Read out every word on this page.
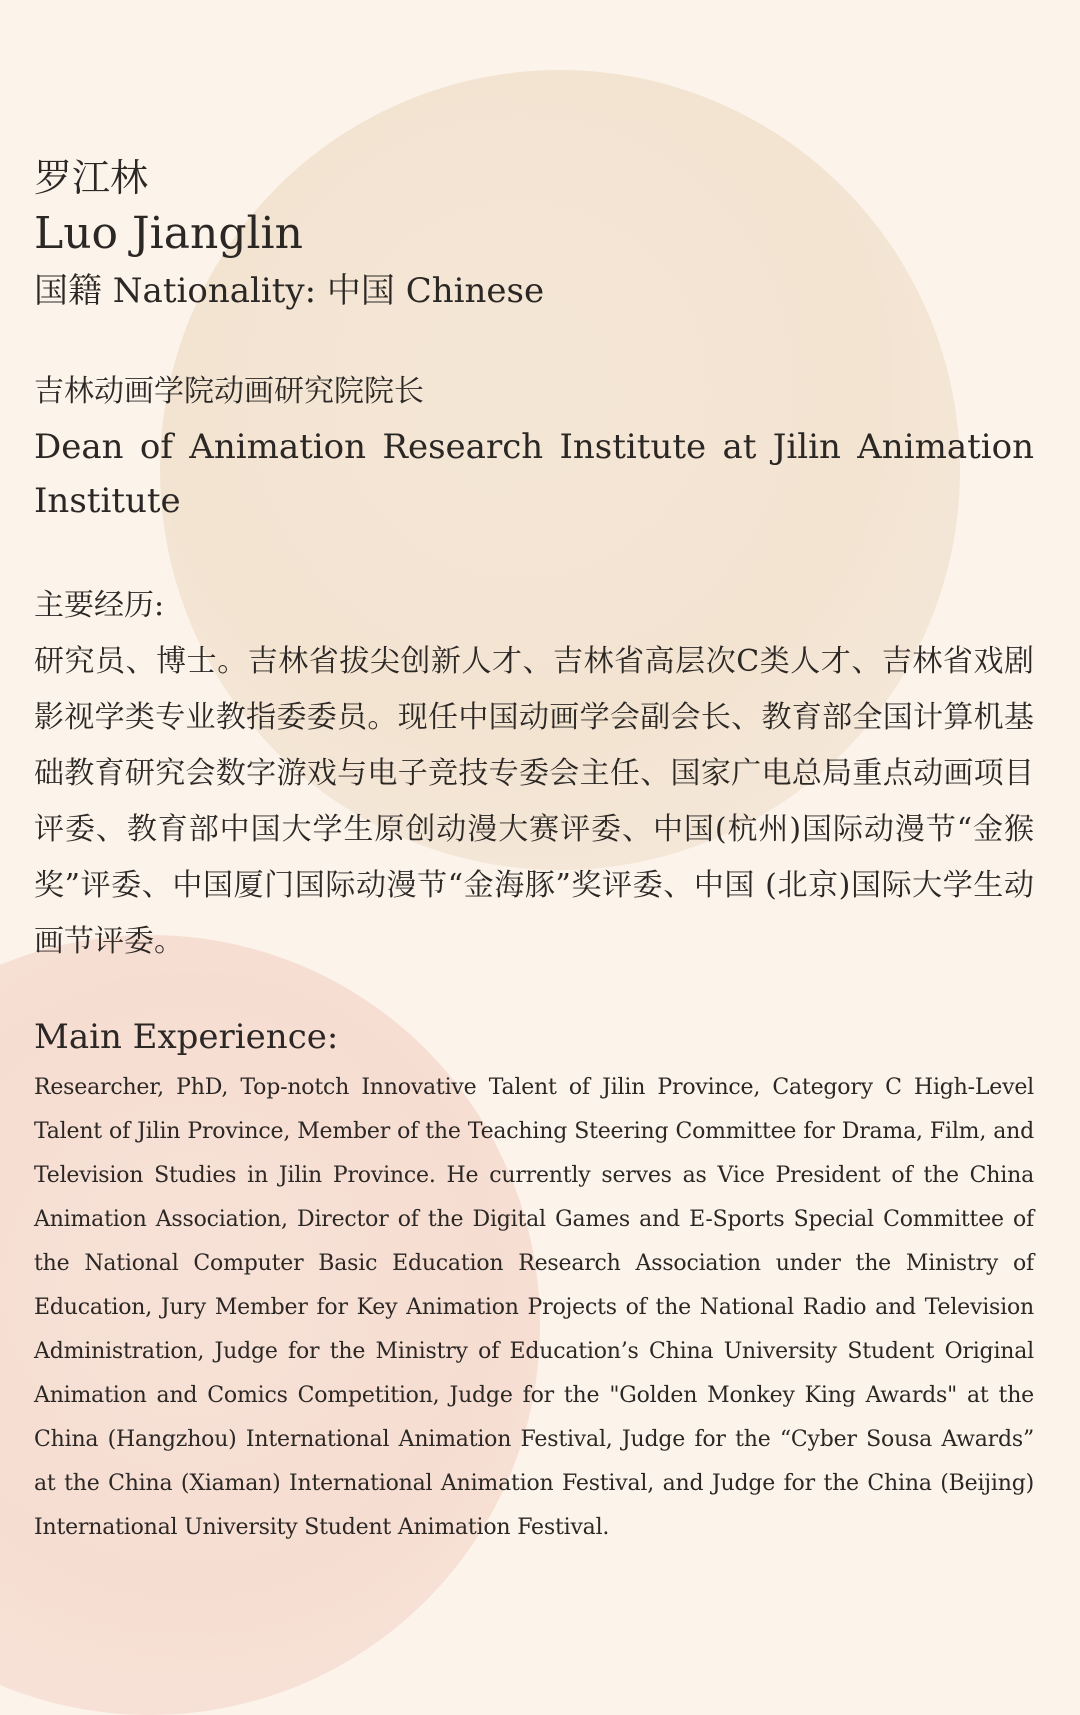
罗江林
Luo Jianglin

国籍 Nationality: 中国 Chinese

吉林动画学院动画研究院院长

Dean of Animation Research Institute at Jilin Animation Institute

主要经历:

研究员、博士。吉林省拔尖创新人才、吉林省高层次C类人才、吉林省戏剧影视学类专业教指委委员。现任中国动画学会副会长、教育部全国计算机基础教育研究会数字游戏与电子竞技专委会主任、国家广电总局重点动画项目评委、教育部中国大学生原创动漫大赛评委、中国(杭州)国际动漫节“金猴奖”评委、中国厦门国际动漫节“金海豚”奖评委、中国 (北京)国际大学生动画节评委。

Main Experience:

Researcher, PhD, Top-notch Innovative Talent of Jilin Province, Category C High-Level Talent of Jilin Province, Member of the Teaching Steering Committee for Drama, Film, and Television Studies in Jilin Province. He currently serves as Vice President of the China Animation Association, Director of the Digital Games and E-Sports Special Committee of the National Computer Basic Education Research Association under the Ministry of Education, Jury Member for Key Animation Projects of the National Radio and Television Administration, Judge for the Ministry of Education’s China University Student Original Animation and Comics Competition, Judge for the "Golden Monkey King Awards" at the China (Hangzhou) International Animation Festival, Judge for the “Cyber Sousa Awards” at the China (Xiaman) International Animation Festival, and Judge for the China (Beijing) International University Student Animation Festival.
